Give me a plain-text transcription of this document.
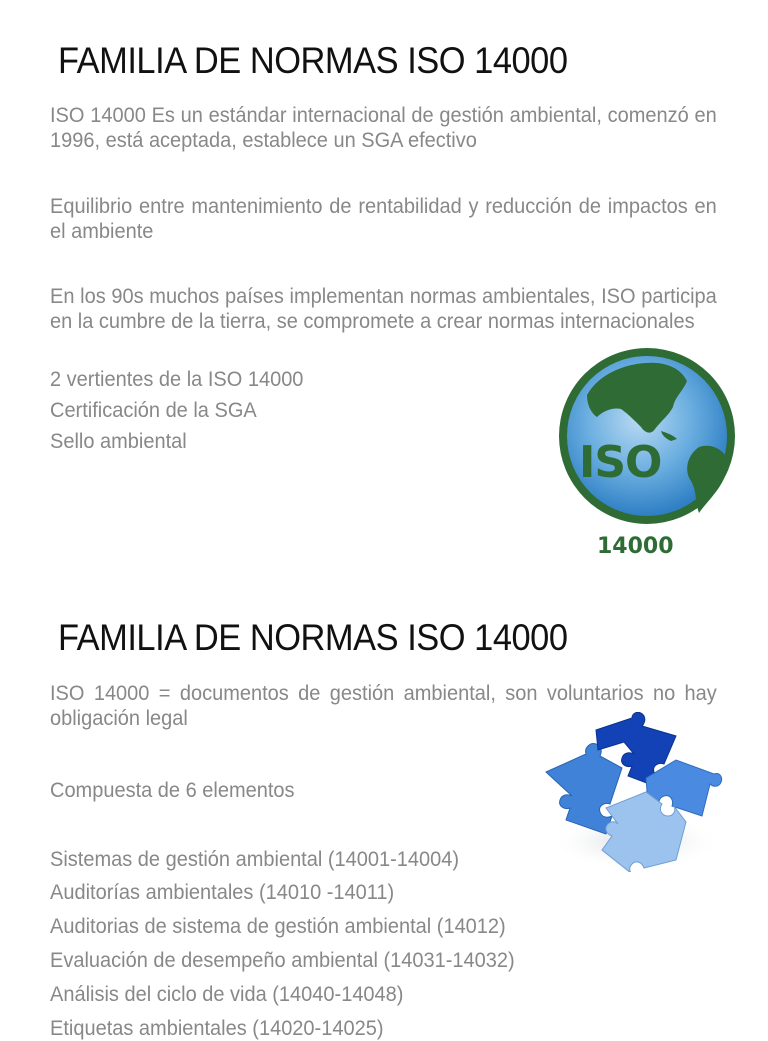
FAMILIA DE NORMAS ISO 14000

ISO 14000 Es un estándar internacional de gestión ambiental, comenzó en 1996, está aceptada, establece un SGA efectivo

Equilibrio entre mantenimiento de rentabilidad y reducción de impactos en el ambiente

En los 90s muchos países implementan normas ambientales, ISO participa en la cumbre de la tierra, se compromete a crear normas internacionales

2 vertientes de la ISO 14000
Certificación de la SGA
Sello ambiental	ISO
14000
FAMILIA DE NORMAS ISO 14000

ISO 14000 = documentos de gestión ambiental, son voluntarios no hay obligación legal

Compuesta de 6 elementos
Sistemas de gestión ambiental (14001-14004)
Auditorías ambientales (14010 -14011)
Auditorias de sistema de gestión ambiental (14012)
Evaluación de desempeño ambiental (14031-14032)
Análisis del ciclo de vida (14040-14048)
Etiquetas ambientales (14020-14025)
